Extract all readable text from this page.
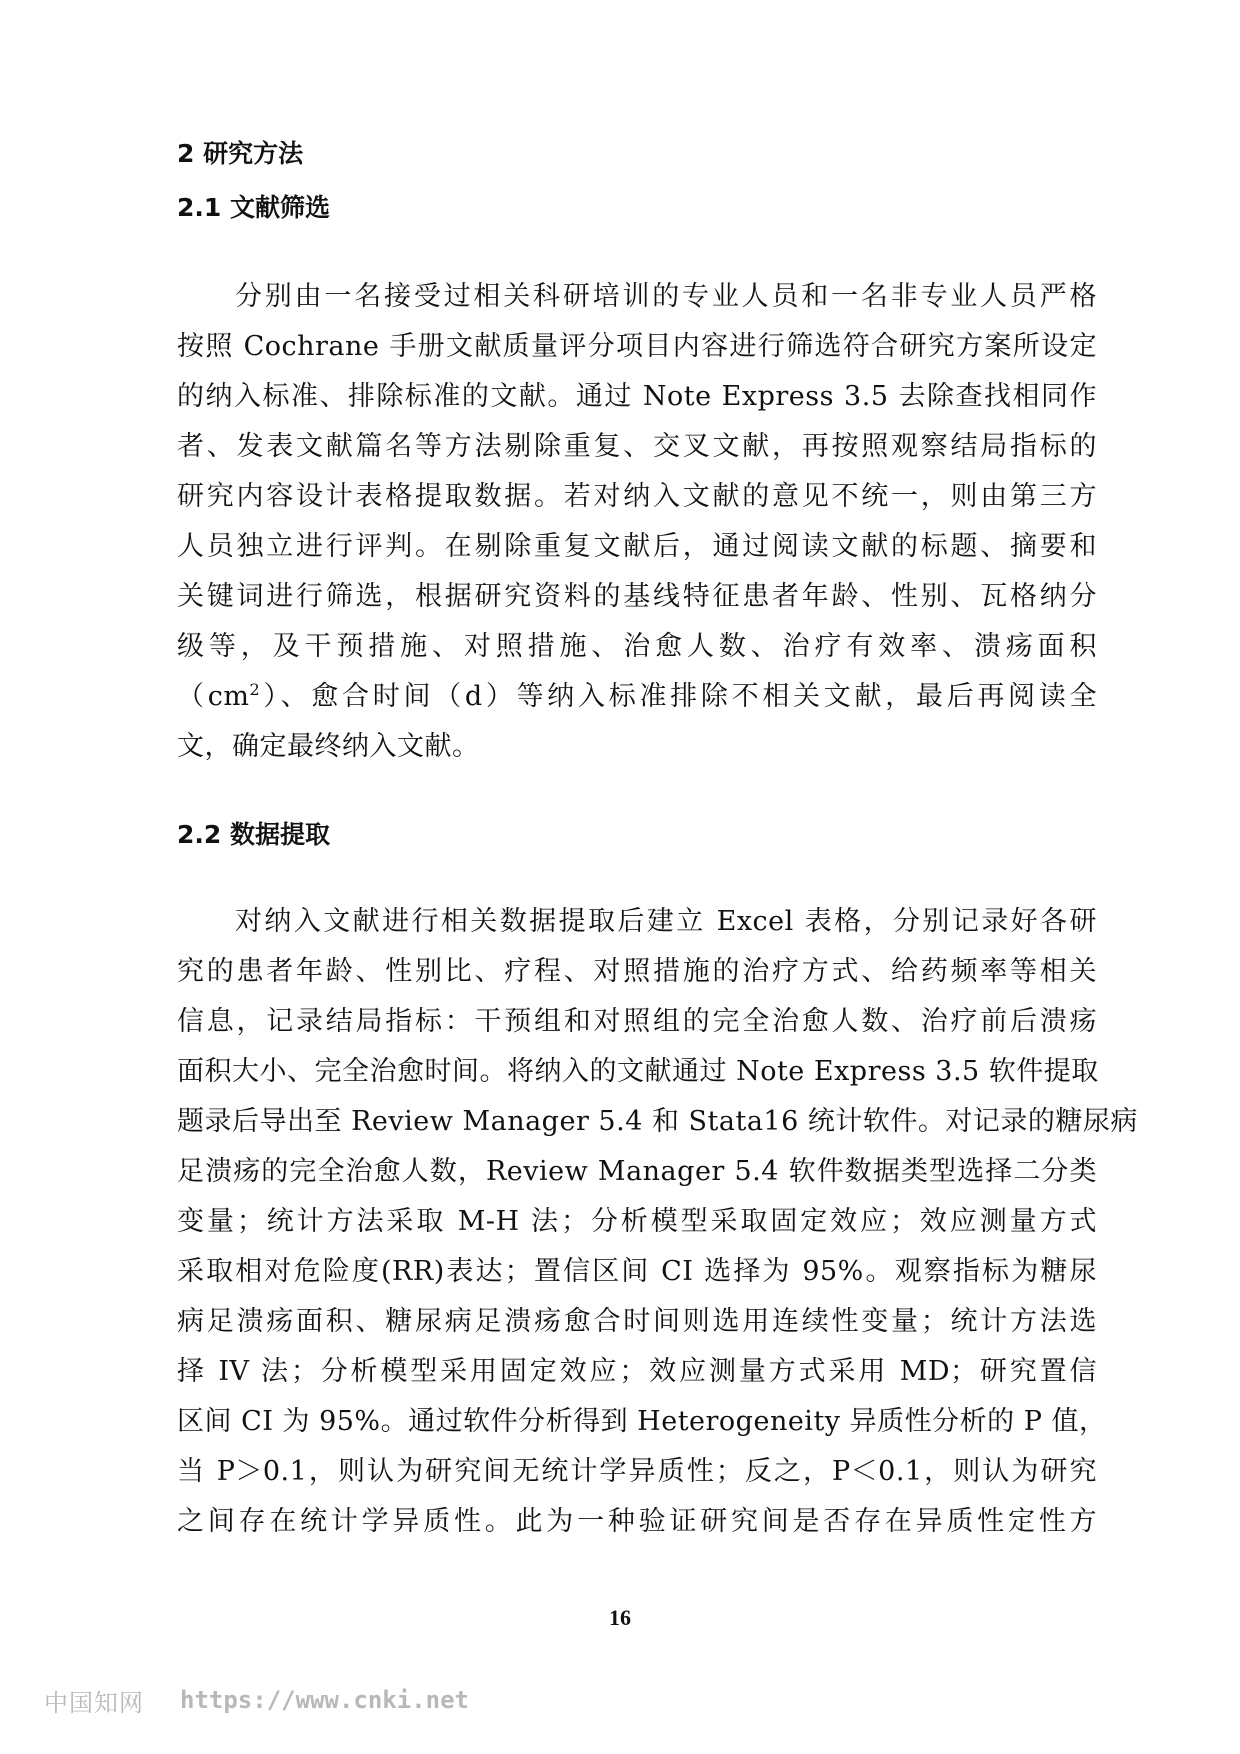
2 研究方法
2.1 文献筛选
分别由一名接受过相关科研培训的专业人员和一名非专业人员严格
按照 Cochrane 手册文献质量评分项目内容进行筛选符合研究方案所设定
的纳入标准、排除标准的文献。通过 Note Express 3.5 去除查找相同作
者、发表文献篇名等方法剔除重复、交叉文献，再按照观察结局指标的
研究内容设计表格提取数据。若对纳入文献的意见不统一，则由第三方
人员独立进行评判。在剔除重复文献后，通过阅读文献的标题、摘要和
关键词进行筛选，根据研究资料的基线特征患者年龄、性别、瓦格纳分
级等，及干预措施、对照措施、治愈人数、治疗有效率、溃疡面积
$(cm^2)$、愈合时间（d）等纳入标准排除不相关文献，最后再阅读全
文，确定最终纳入文献。
2.2 数据提取
对纳入文献进行相关数据提取后建立 Excel 表格，分别记录好各研
究的患者年龄、性别比、疗程、对照措施的治疗方式、给药频率等相关
信息，记录结局指标：干预组和对照组的完全治愈人数、治疗前后溃疡
面积大小、完全治愈时间。将纳入的文献通过 Note Express 3.5 软件提取
题录后导出至 Review Manager 5.4 和 Stata16 统计软件。对记录的糖尿病
足溃疡的完全治愈人数，Review Manager 5.4 软件数据类型选择二分类
变量；统计方法采取 M-H 法；分析模型采取固定效应；效应测量方式
采取相对危险度(RR)表达；置信区间 CI 选择为 95%。观察指标为糖尿
病足溃疡面积、糖尿病足溃疡愈合时间则选用连续性变量；统计方法选
择 IV 法；分析模型采用固定效应；效应测量方式采用 MD；研究置信
区间 CI 为 95%。通过软件分析得到 Heterogeneity 异质性分析的 P 值，
当 P＞0.1，则认为研究间无统计学异质性；反之，P＜0.1，则认为研究
之间存在统计学异质性。此为一种验证研究间是否存在异质性定性方
16
中国知网 https://www.cnki.net
